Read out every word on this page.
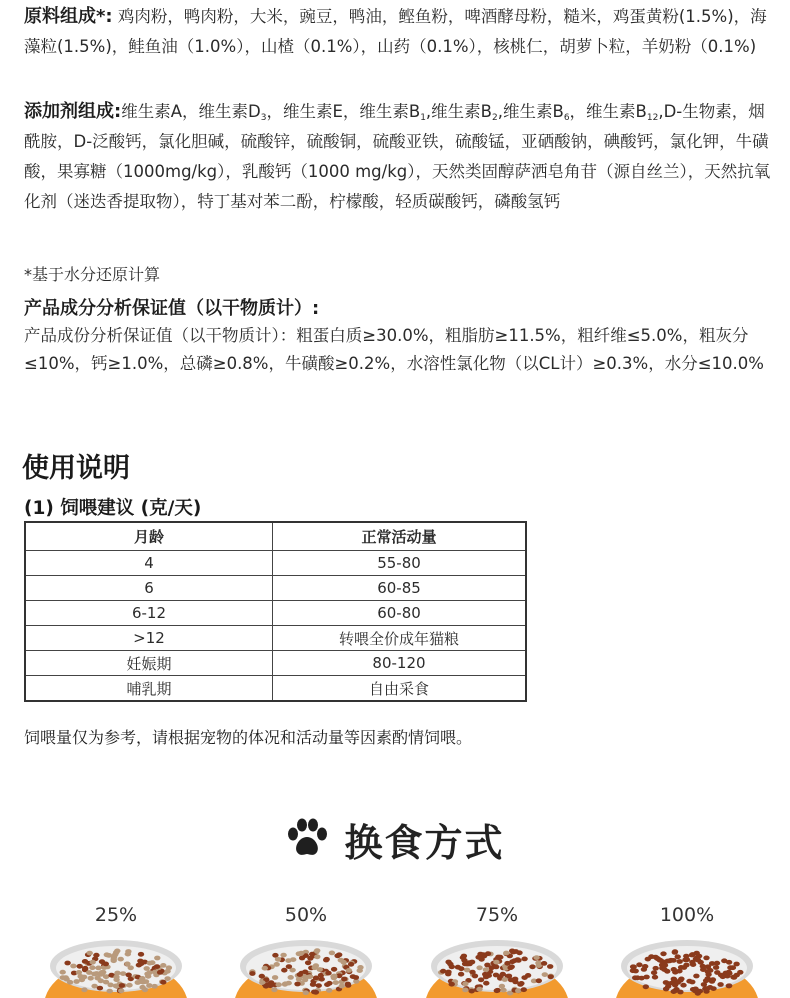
原料组成*: 鸡肉粉，鸭肉粉，大米，豌豆，鸭油，鲣鱼粉，啤酒酵母粉，糙米，鸡蛋黄粉(1.5%)，海藻粒(1.5%)，鲑鱼油（1.0%），山楂（0.1%），山药（0.1%），核桃仁，胡萝卜粒，羊奶粉（0.1%)
添加剂组成:维生素A，维生素$D_3$，维生素E，维生素$B_1$,维生素$B_2$,维生素$B_6$，维生素$B_{12},D-$生物素，烟酰胺，D-泛酸钙，氯化胆碱，硫酸锌，硫酸铜，硫酸亚铁，硫酸锰，亚硒酸钠，碘酸钙，氯化钾，牛磺酸，果寡糖（1000mg/kg），乳酸钙（1000 mg/kg），天然类固醇萨洒皂角苷（源自丝兰），天然抗氧化剂（迷迭香提取物），特丁基对苯二酚，柠檬酸，轻质碳酸钙，磷酸氢钙
*基于水分还原计算
产品成分分析保证值（以干物质计）:
产品成份分析保证值（以干物质计）：粗蛋白质≥30.0%，粗脂肪≥11.5%，粗纤维≤5.0%，粗灰分≤10%，钙≥1.0%，总磷≥0.8%，牛磺酸≥0.2%，水溶性氯化物（以CL计）≥0.3%，水分≤10.0%
使用说明
(1) 饲喂建议 (克/天)
月龄	正常活动量
4	55-80
6	60-85
6-12	60-80
>12	转喂全价成年猫粮
妊娠期	80-120
哺乳期	自由采食
饲喂量仅为参考，请根据宠物的体况和活动量等因素酌情饲喂。
换食方式
25%	50%	75%	100%
